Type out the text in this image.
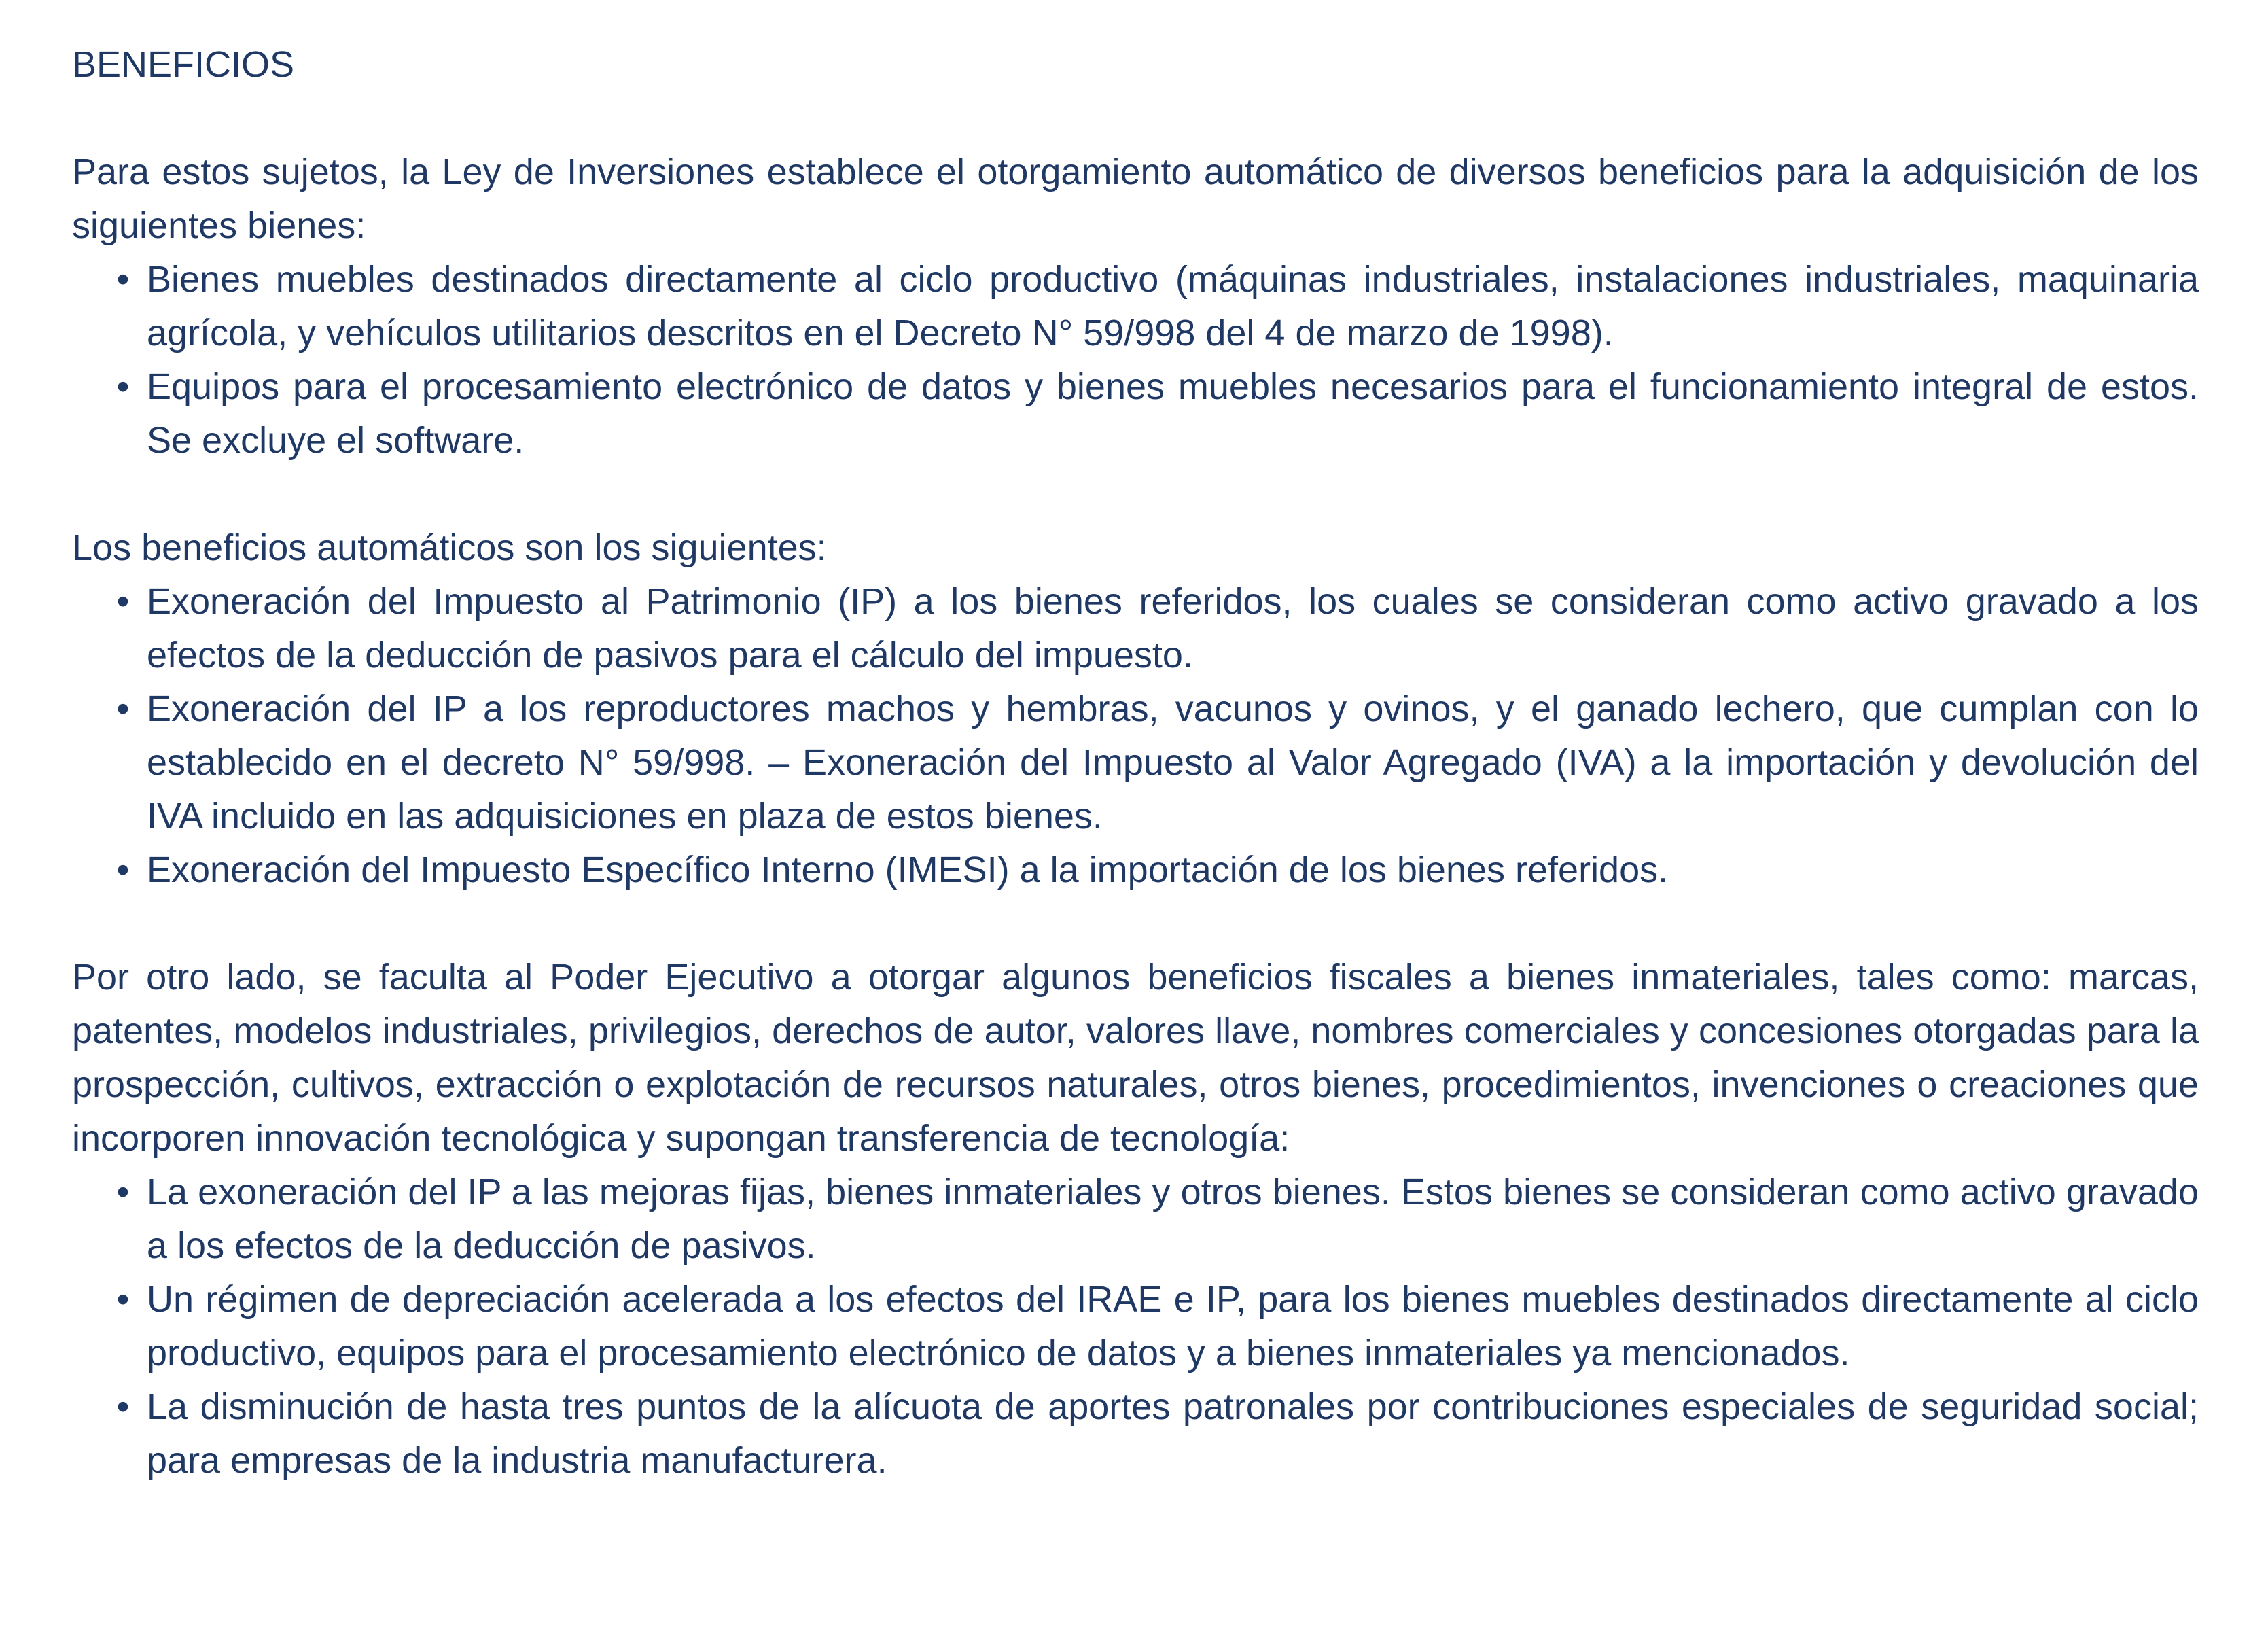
BENEFICIOS

Para estos sujetos, la Ley de Inversiones establece el otorgamiento automático de diversos beneficios para la adquisición de los siguientes bienes:

• Bienes muebles destinados directamente al ciclo productivo (máquinas industriales, instalaciones industriales, maquinaria agrícola, y vehículos utilitarios descritos en el Decreto N° 59/998 del 4 de marzo de 1998).
• Equipos para el procesamiento electrónico de datos y bienes muebles necesarios para el funcionamiento integral de estos. Se excluye el software.

Los beneficios automáticos son los siguientes:

• Exoneración del Impuesto al Patrimonio (IP) a los bienes referidos, los cuales se consideran como activo gravado a los efectos de la deducción de pasivos para el cálculo del impuesto.
• Exoneración del IP a los reproductores machos y hembras, vacunos y ovinos, y el ganado lechero, que cumplan con lo establecido en el decreto N° 59/998. – Exoneración del Impuesto al Valor Agregado (IVA) a la importación y devolución del IVA incluido en las adquisiciones en plaza de estos bienes.
• Exoneración del Impuesto Específico Interno (IMESI) a la importación de los bienes referidos.

Por otro lado, se faculta al Poder Ejecutivo a otorgar algunos beneficios fiscales a bienes inmateriales, tales como: marcas, patentes, modelos industriales, privilegios, derechos de autor, valores llave, nombres comerciales y concesiones otorgadas para la prospección, cultivos, extracción o explotación de recursos naturales, otros bienes, procedimientos, invenciones o creaciones que incorporen innovación tecnológica y supongan transferencia de tecnología:

• La exoneración del IP a las mejoras fijas, bienes inmateriales y otros bienes. Estos bienes se consideran como activo gravado a los efectos de la deducción de pasivos.
• Un régimen de depreciación acelerada a los efectos del IRAE e IP, para los bienes muebles destinados directamente al ciclo productivo, equipos para el procesamiento electrónico de datos y a bienes inmateriales ya mencionados.
• La disminución de hasta tres puntos de la alícuota de aportes patronales por contribuciones especiales de seguridad social; para empresas de la industria manufacturera.
